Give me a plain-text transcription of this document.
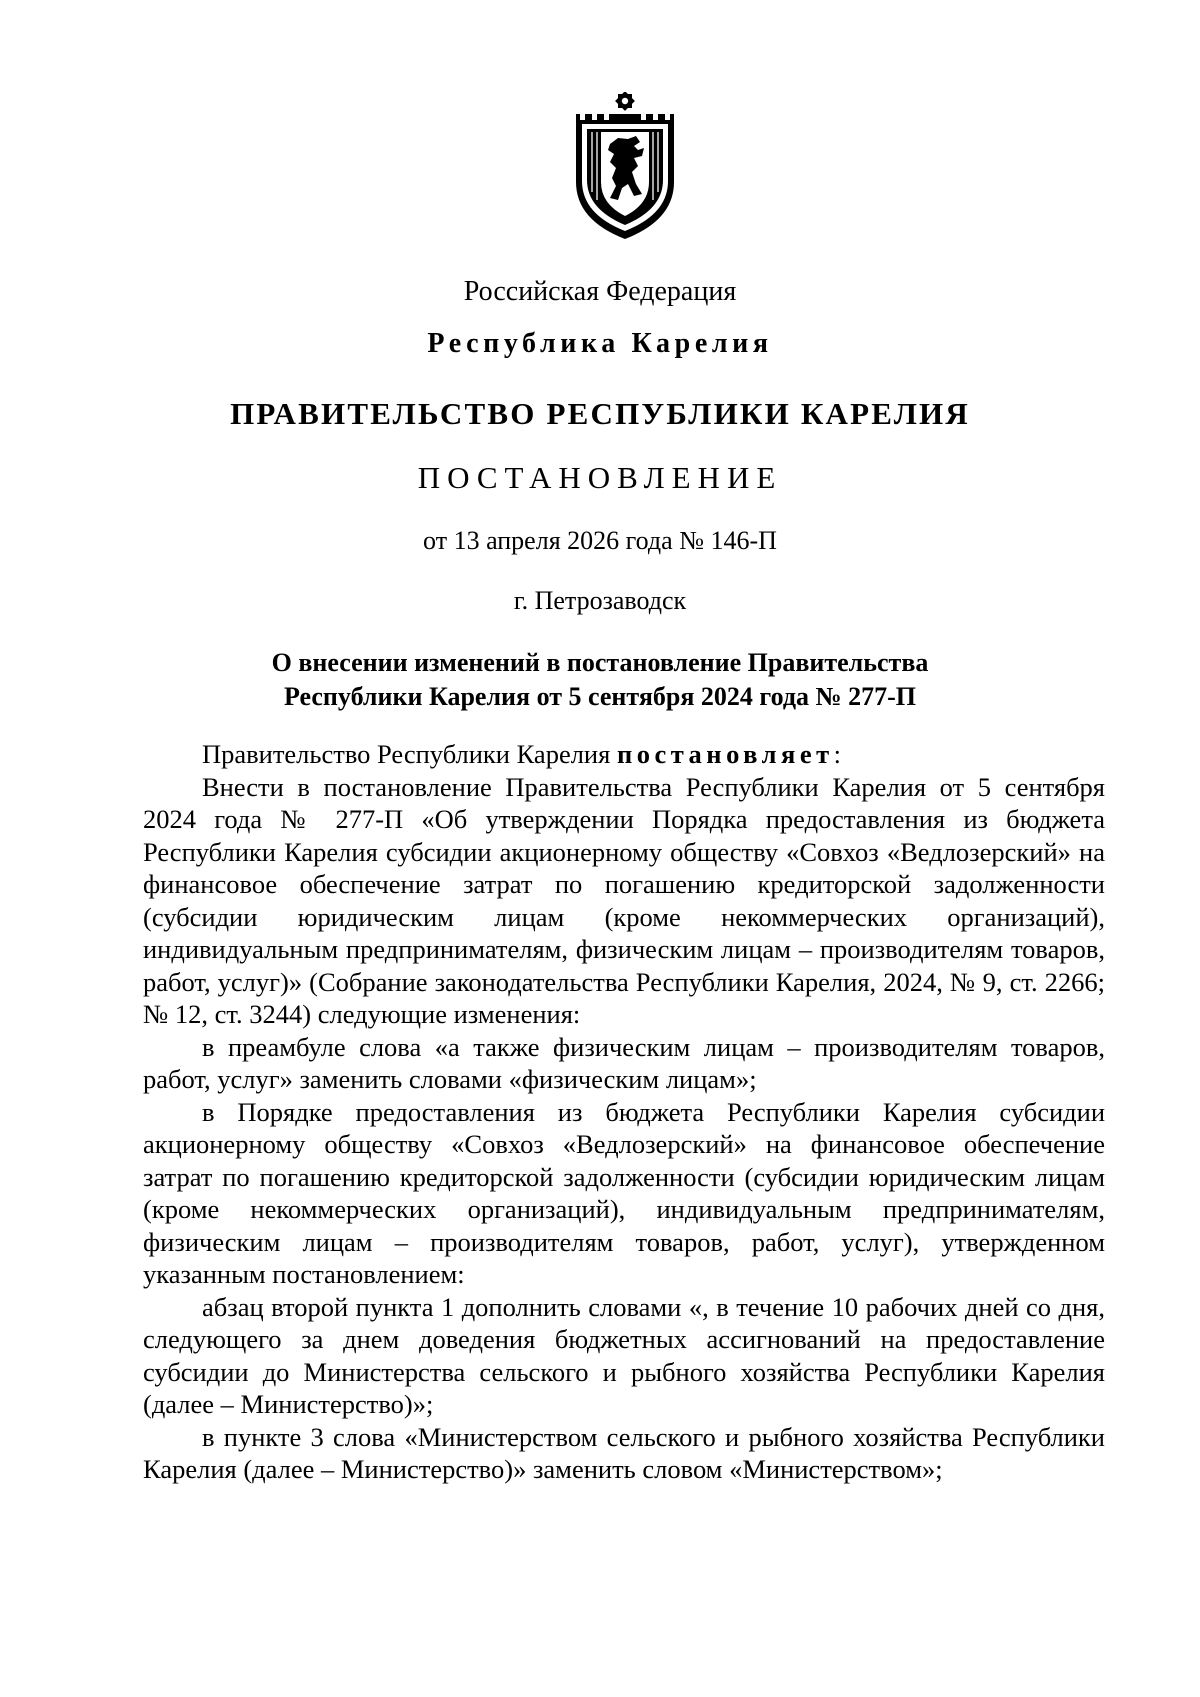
Российская Федерация
Республика Карелия
ПРАВИТЕЛЬСТВО РЕСПУБЛИКИ КАРЕЛИЯ
ПОСТАНОВЛЕНИЕ
от 13 апреля 2026 года № 146-П
г. Петрозаводск
О внесении изменений в постановление Правительства
Республики Карелия от 5 сентября 2024 года № 277-П

Правительство Республики Карелия постановляет:

Внести в постановление Правительства Республики Карелия от 5 сентября 2024 года № 277-П «Об утверждении Порядка предоставления из бюджета Республики Карелия субсидии акционерному обществу «Совхоз «Ведлозерский» на финансовое обеспечение затрат по погашению кредиторской задолженности (субсидии юридическим лицам (кроме некоммерческих организаций), индивидуальным предпринимателям, физическим лицам – производителям товаров, работ, услуг)» (Собрание законодательства Республики Карелия, 2024, № 9, ст. 2266; № 12, ст. 3244) следующие изменения:

в преамбуле слова «а также физическим лицам – производителям товаров, работ, услуг» заменить словами «физическим лицам»;

в Порядке предоставления из бюджета Республики Карелия субсидии акционерному обществу «Совхоз «Ведлозерский» на финансовое обеспечение затрат по погашению кредиторской задолженности (субсидии юридическим лицам (кроме некоммерческих организаций), индивидуальным предпринимателям, физическим лицам – производителям товаров, работ, услуг), утвержденном указанным постановлением:

абзац второй пункта 1 дополнить словами «, в течение 10 рабочих дней со дня, следующего за днем доведения бюджетных ассигнований на предоставление субсидии до Министерства сельского и рыбного хозяйства Республики Карелия (далее – Министерство)»;

в пункте 3 слова «Министерством сельского и рыбного хозяйства Республики Карелия (далее – Министерство)» заменить словом «Министерством»;
